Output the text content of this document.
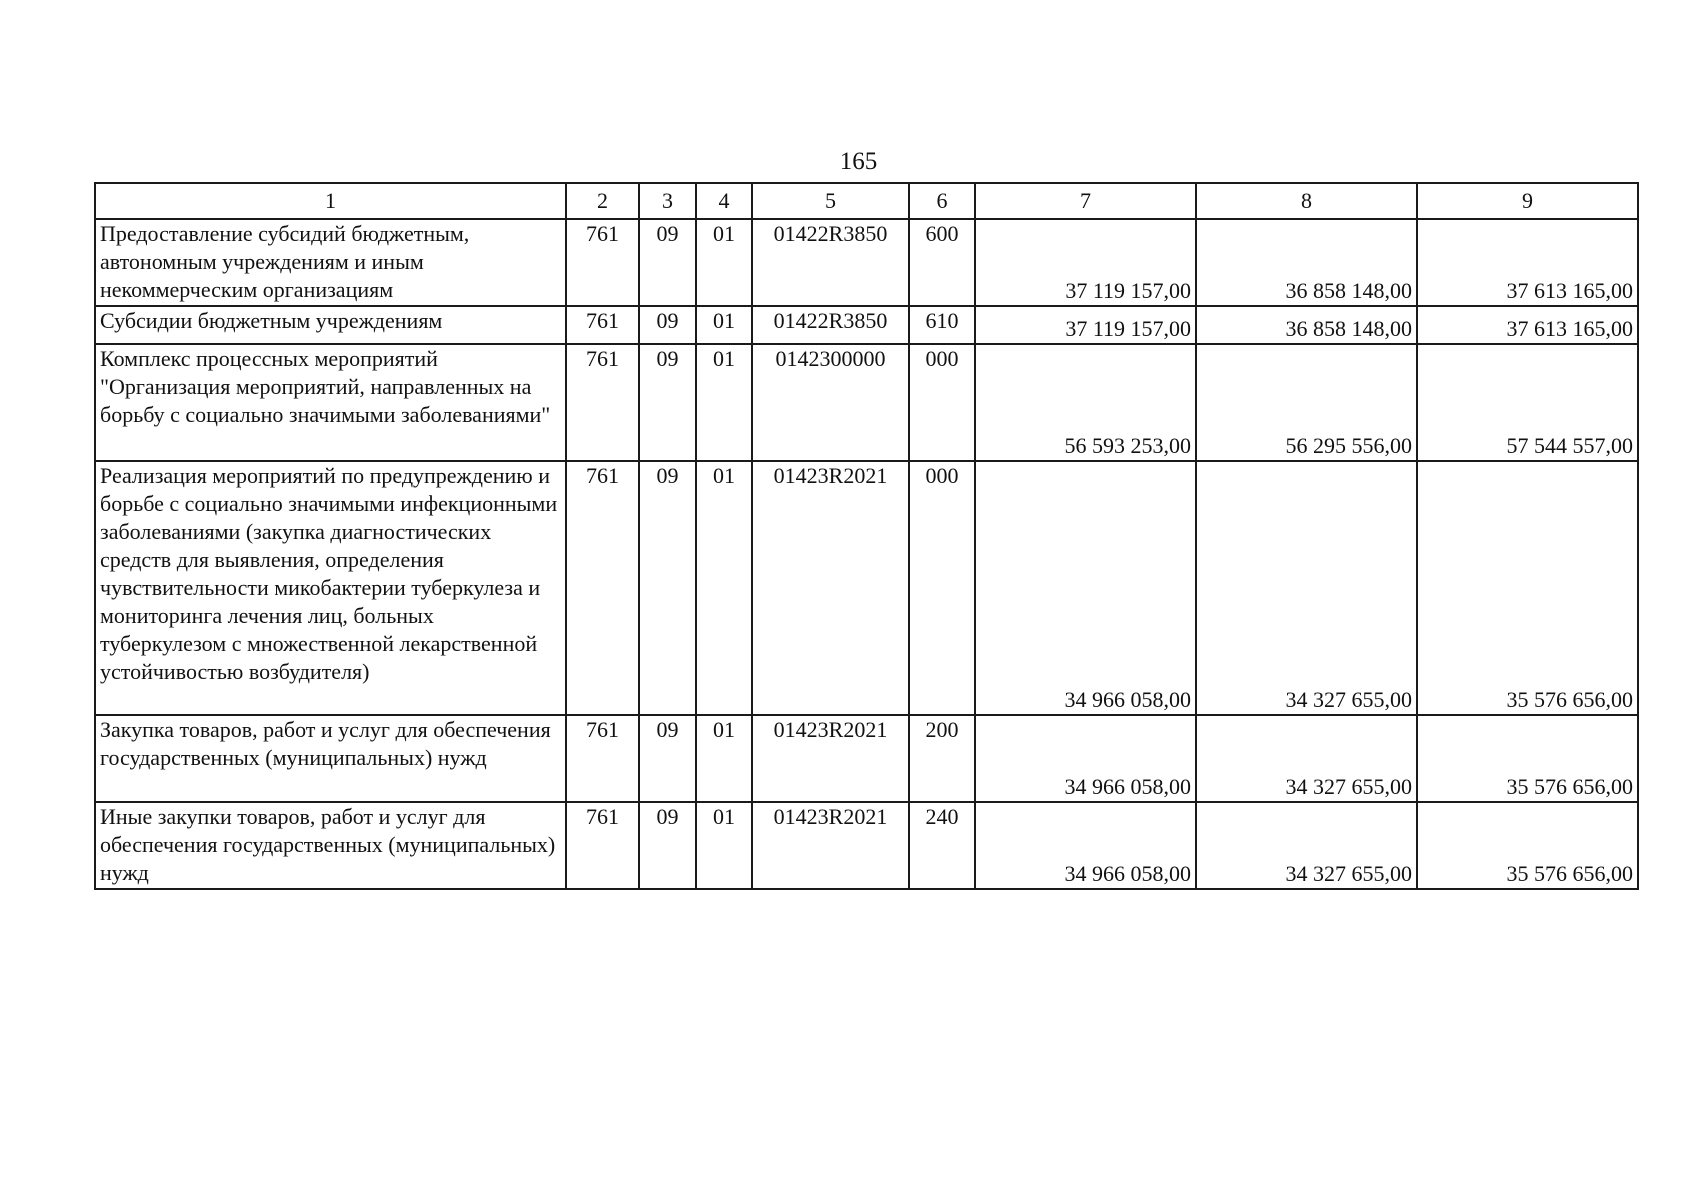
165
1	2	3	4	5	6	7	8	9
Предоставление субсидий бюджетным, автономным учреждениям и иным некоммерческим организациям	761	09	01	01422R3850	600	37 119 157,00	36 858 148,00	37 613 165,00
Субсидии бюджетным учреждениям	761	09	01	01422R3850	610	37 119 157,00	36 858 148,00	37 613 165,00
Комплекс процессных мероприятий "Организация мероприятий, направленных на борьбу с социально значимыми заболеваниями"	761	09	01	0142300000	000	56 593 253,00	56 295 556,00	57 544 557,00
Реализация мероприятий по предупреждению и борьбе с социально значимыми инфекционными заболеваниями (закупка диагностических средств для выявления, определения чувствительности микобактерии туберкулеза и мониторинга лечения лиц, больных туберкулезом с множественной лекарственной устойчивостью возбудителя)	761	09	01	01423R2021	000	34 966 058,00	34 327 655,00	35 576 656,00
Закупка товаров, работ и услуг для обеспечения государственных (муниципальных) нужд	761	09	01	01423R2021	200	34 966 058,00	34 327 655,00	35 576 656,00
Иные закупки товаров, работ и услуг для обеспечения государственных (муниципальных) нужд	761	09	01	01423R2021	240	34 966 058,00	34 327 655,00	35 576 656,00
